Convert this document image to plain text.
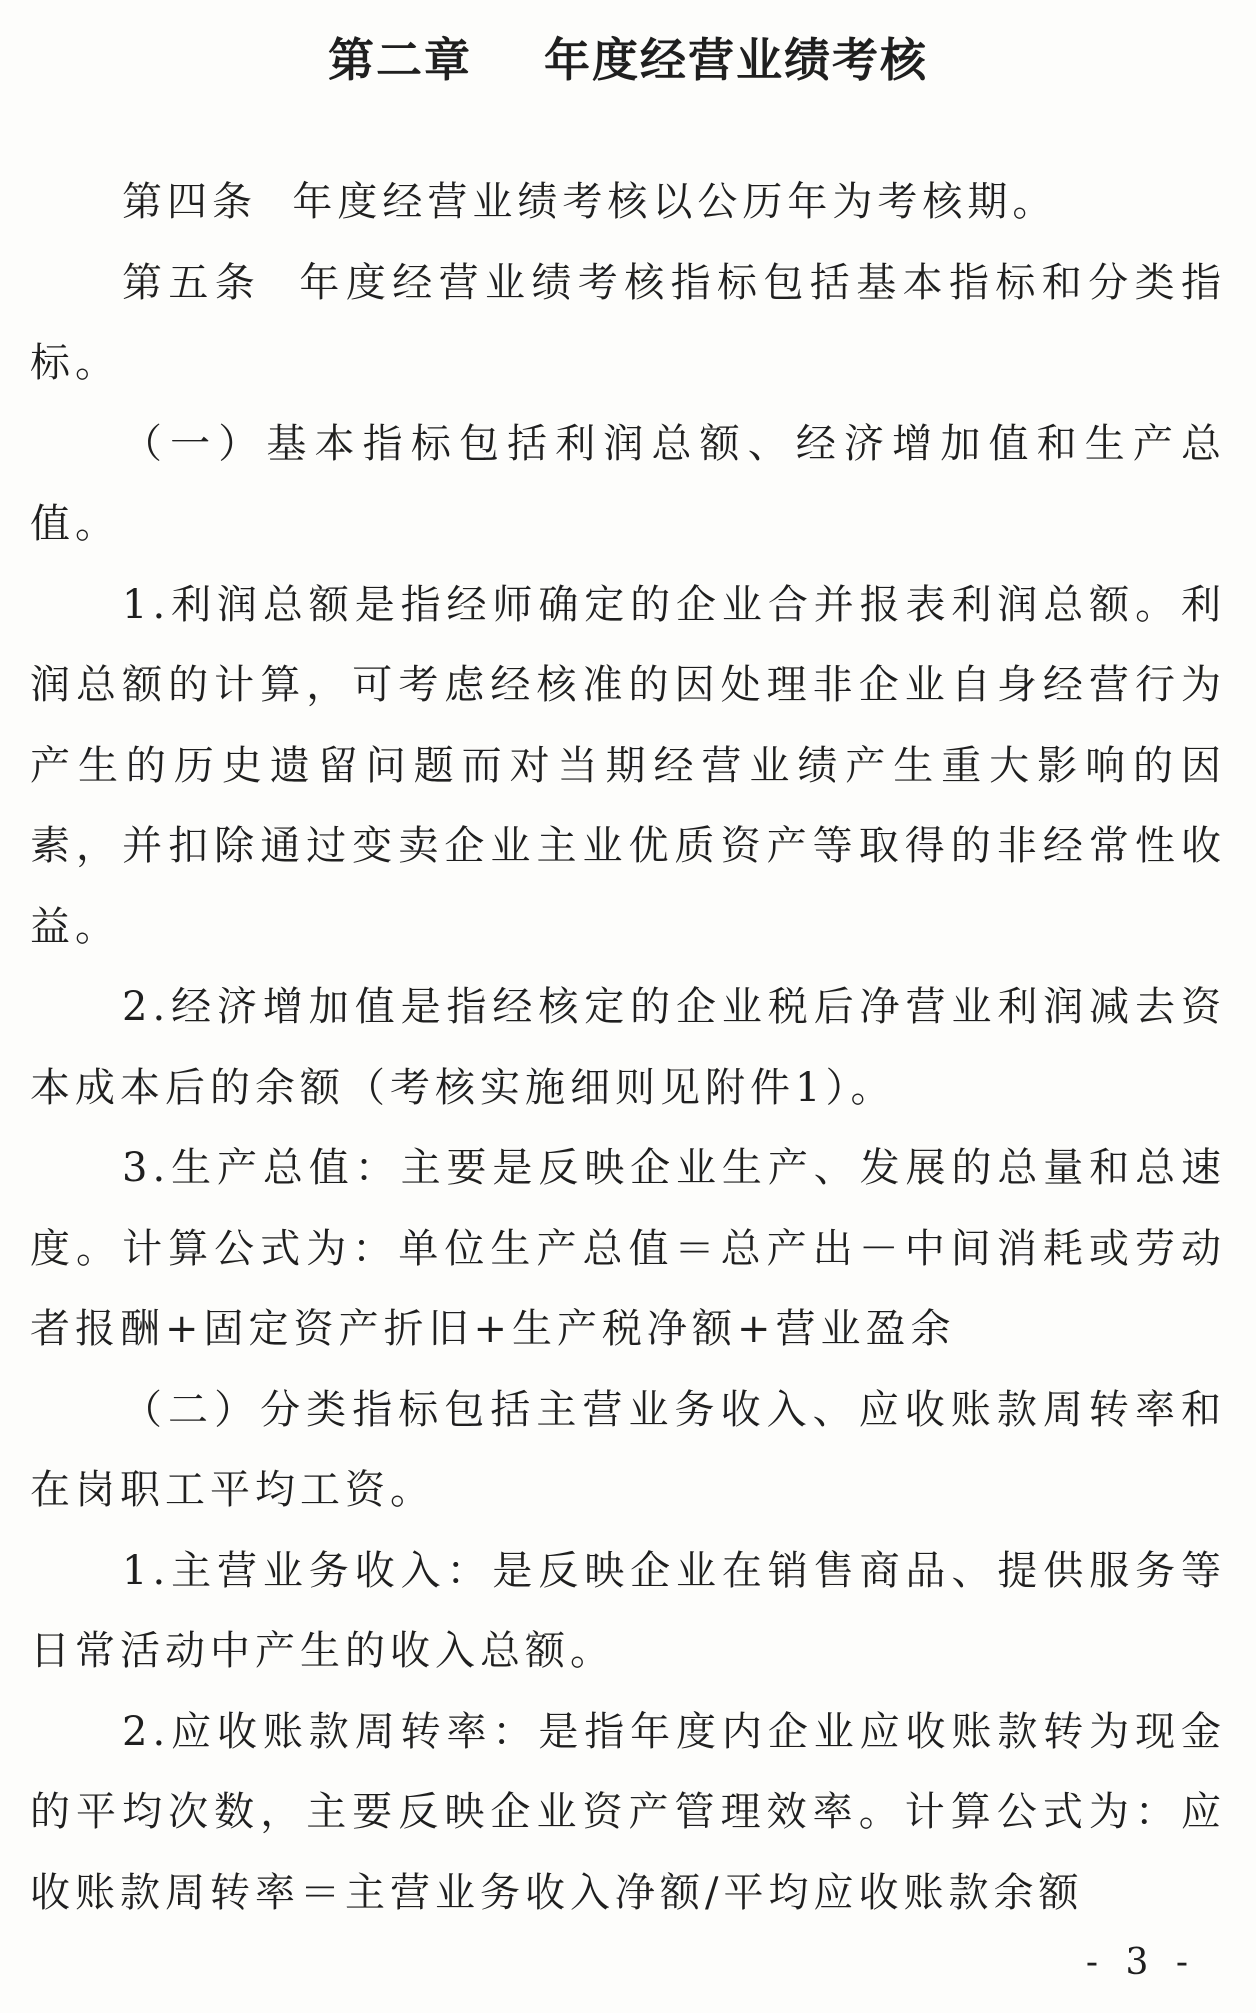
第二章    年度经营业绩考核

第四条  年度经营业绩考核以公历年为考核期。

第五条  年度经营业绩考核指标包括基本指标和分类指标。

（一）基本指标包括利润总额、经济增加值和生产总值。

1.利润总额是指经师确定的企业合并报表利润总额。利润总额的计算，可考虑经核准的因处理非企业自身经营行为产生的历史遗留问题而对当期经营业绩产生重大影响的因素，并扣除通过变卖企业主业优质资产等取得的非经常性收益。

2.经济增加值是指经核定的企业税后净营业利润减去资本成本后的余额（考核实施细则见附件1）。

3.生产总值：主要是反映企业生产、发展的总量和总速度。计算公式为：单位生产总值＝总产出－中间消耗或劳动者报酬+固定资产折旧+生产税净额+营业盈余

（二）分类指标包括主营业务收入、应收账款周转率和在岗职工平均工资。

1.主营业务收入：是反映企业在销售商品、提供服务等日常活动中产生的收入总额。

2.应收账款周转率：是指年度内企业应收账款转为现金的平均次数，主要反映企业资产管理效率。计算公式为：应收账款周转率＝主营业务收入净额/平均应收账款余额

- 3 -
